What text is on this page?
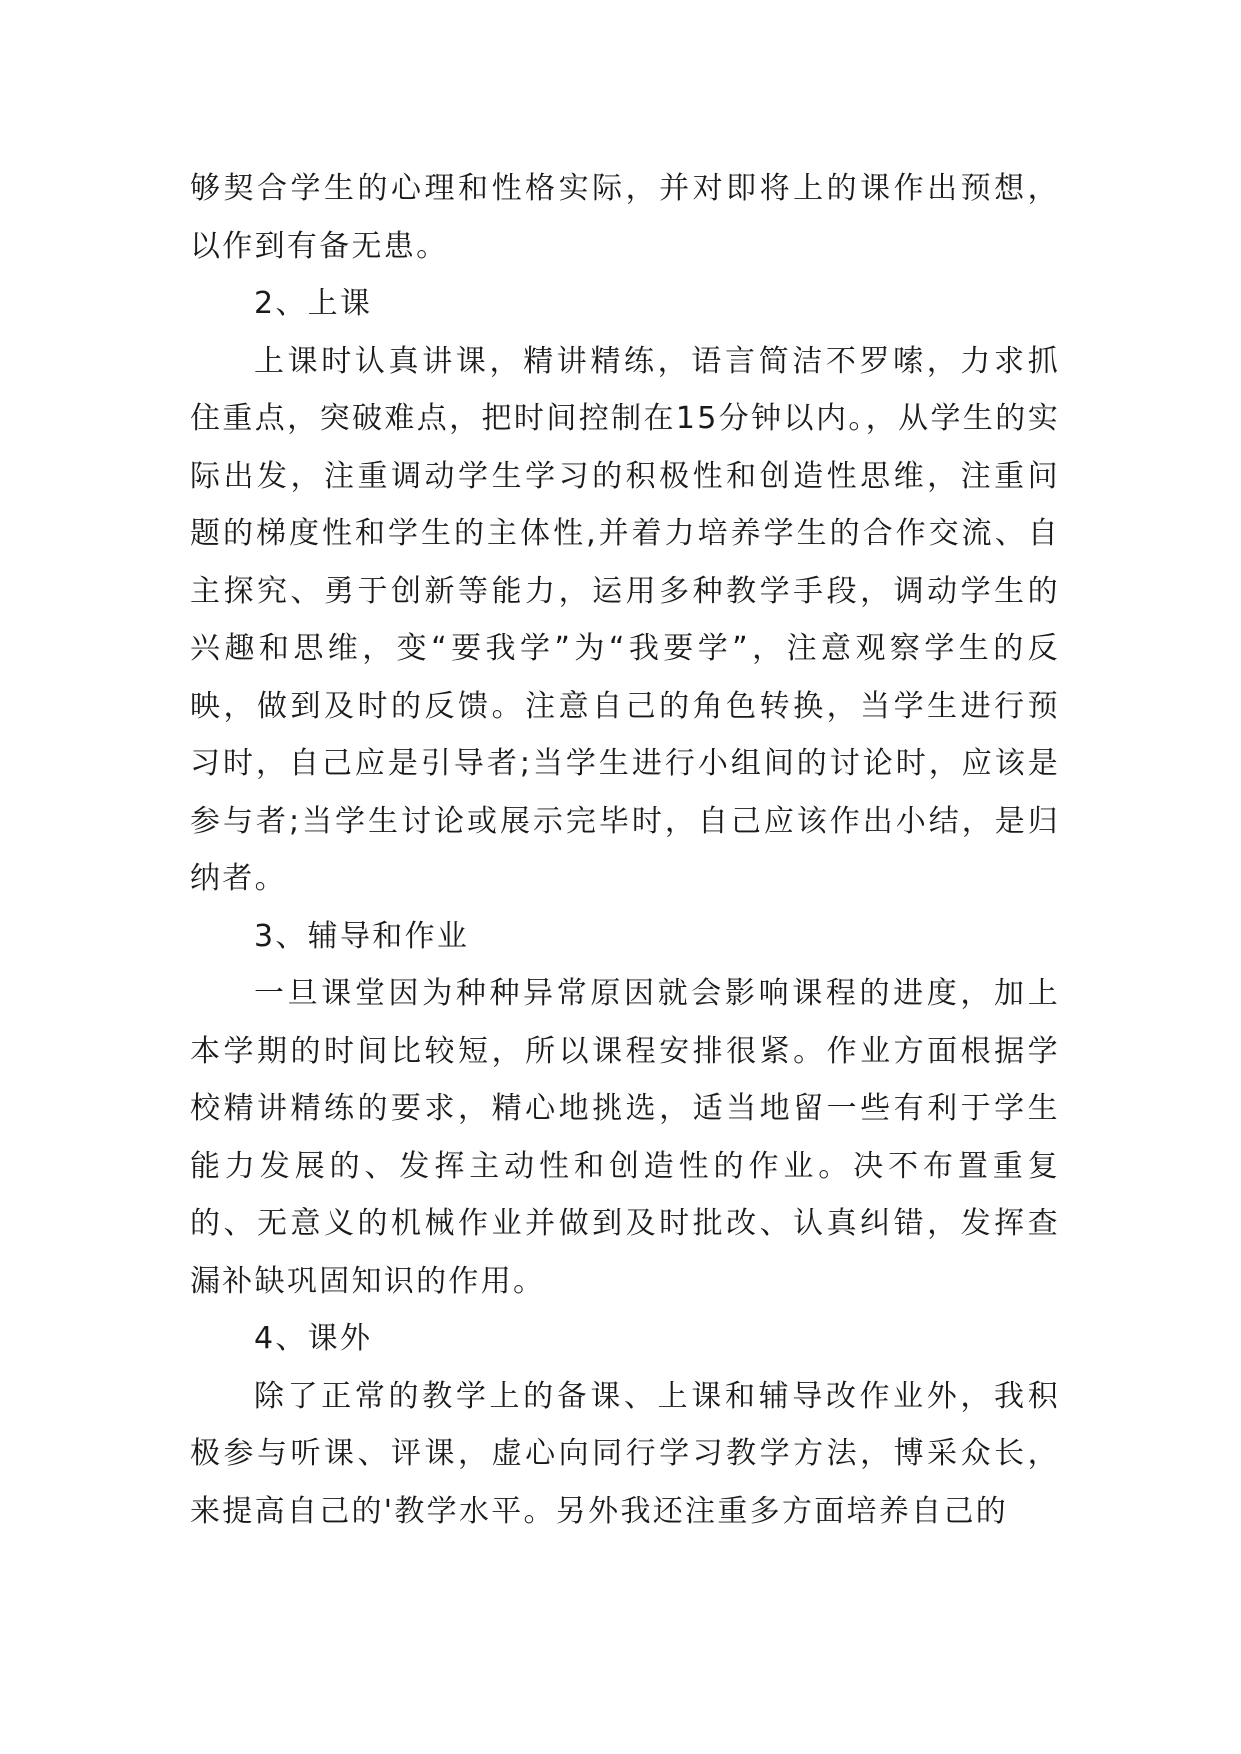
够契合学生的心理和性格实际，并对即将上的课作出预想，以作到有备无患。

2、上课

上课时认真讲课，精讲精练，语言简洁不罗嗦，力求抓住重点，突破难点，把时间控制在15分钟以内。，从学生的实际出发，注重调动学生学习的积极性和创造性思维，注重问题的梯度性和学生的主体性,并着力培养学生的合作交流、自主探究、勇于创新等能力，运用多种教学手段，调动学生的兴趣和思维，变“要我学”为“我要学”，注意观察学生的反映，做到及时的反馈。注意自己的角色转换，当学生进行预习时，自己应是引导者;当学生进行小组间的讨论时，应该是参与者;当学生讨论或展示完毕时，自己应该作出小结，是归纳者。

3、辅导和作业

一旦课堂因为种种异常原因就会影响课程的进度，加上本学期的时间比较短，所以课程安排很紧。作业方面根据学校精讲精练的要求，精心地挑选，适当地留一些有利于学生能力发展的、发挥主动性和创造性的作业。决不布置重复的、无意义的机械作业并做到及时批改、认真纠错，发挥查漏补缺巩固知识的作用。

4、课外

除了正常的教学上的备课、上课和辅导改作业外，我积极参与听课、评课，虚心向同行学习教学方法，博采众长，来提高自己的'教学水平。另外我还注重多方面培养自己的
